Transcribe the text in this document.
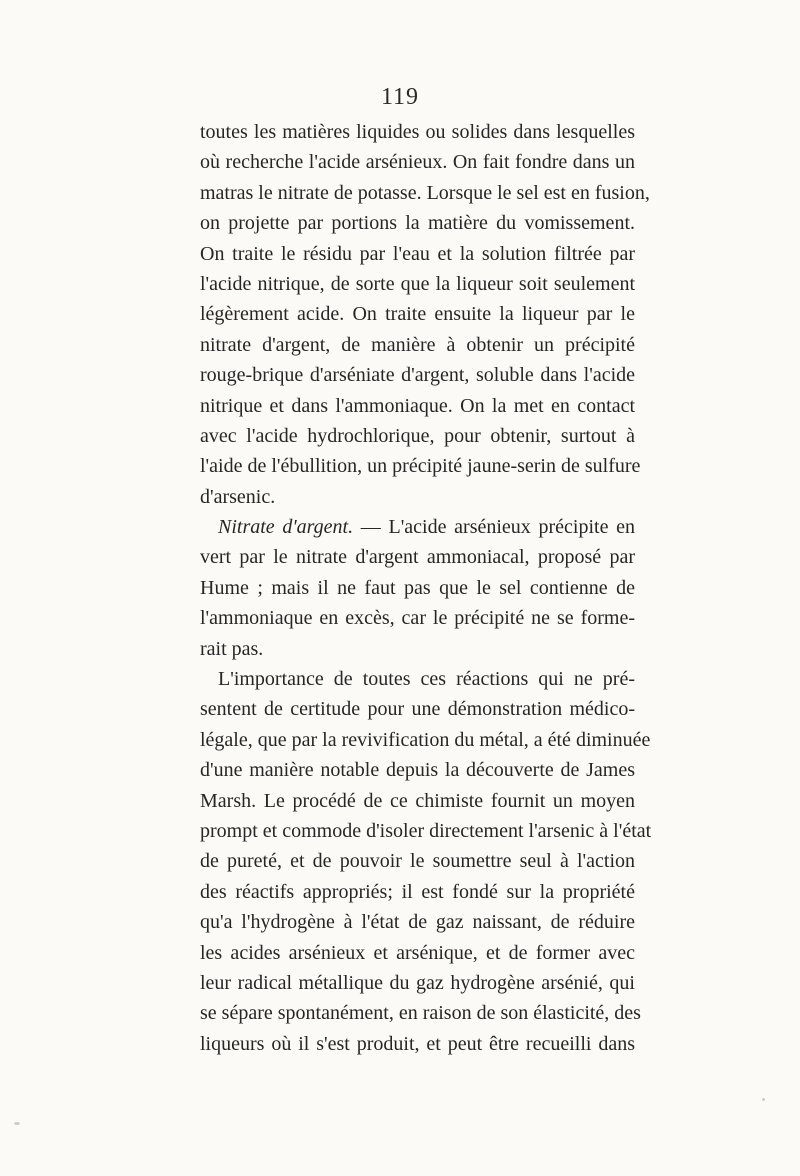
119
toutes les matières liquides ou solides dans lesquelles
où recherche l'acide arsénieux. On fait fondre dans un
matras le nitrate de potasse. Lorsque le sel est en fusion,
on projette par portions la matière du vomissement.
On traite le résidu par l'eau et la solution filtrée par
l'acide nitrique, de sorte que la liqueur soit seulement
légèrement acide. On traite ensuite la liqueur par le
nitrate d'argent, de manière à obtenir un précipité
rouge-brique d'arséniate d'argent, soluble dans l'acide
nitrique et dans l'ammoniaque. On la met en contact
avec l'acide hydrochlorique, pour obtenir, surtout à
l'aide de l'ébullition, un précipité jaune-serin de sulfure
d'arsenic.
Nitrate d'argent. — L'acide arsénieux précipite en
vert par le nitrate d'argent ammoniacal, proposé par
Hume ; mais il ne faut pas que le sel contienne de
l'ammoniaque en excès, car le précipité ne se forme-
rait pas.
L'importance de toutes ces réactions qui ne pré-
sentent de certitude pour une démonstration médico-
légale, que par la revivification du métal, a été diminuée
d'une manière notable depuis la découverte de James
Marsh. Le procédé de ce chimiste fournit un moyen
prompt et commode d'isoler directement l'arsenic à l'état
de pureté, et de pouvoir le soumettre seul à l'action
des réactifs appropriés; il est fondé sur la propriété
qu'a l'hydrogène à l'état de gaz naissant, de réduire
les acides arsénieux et arsénique, et de former avec
leur radical métallique du gaz hydrogène arsénié, qui
se sépare spontanément, en raison de son élasticité, des
liqueurs où il s'est produit, et peut être recueilli dans
